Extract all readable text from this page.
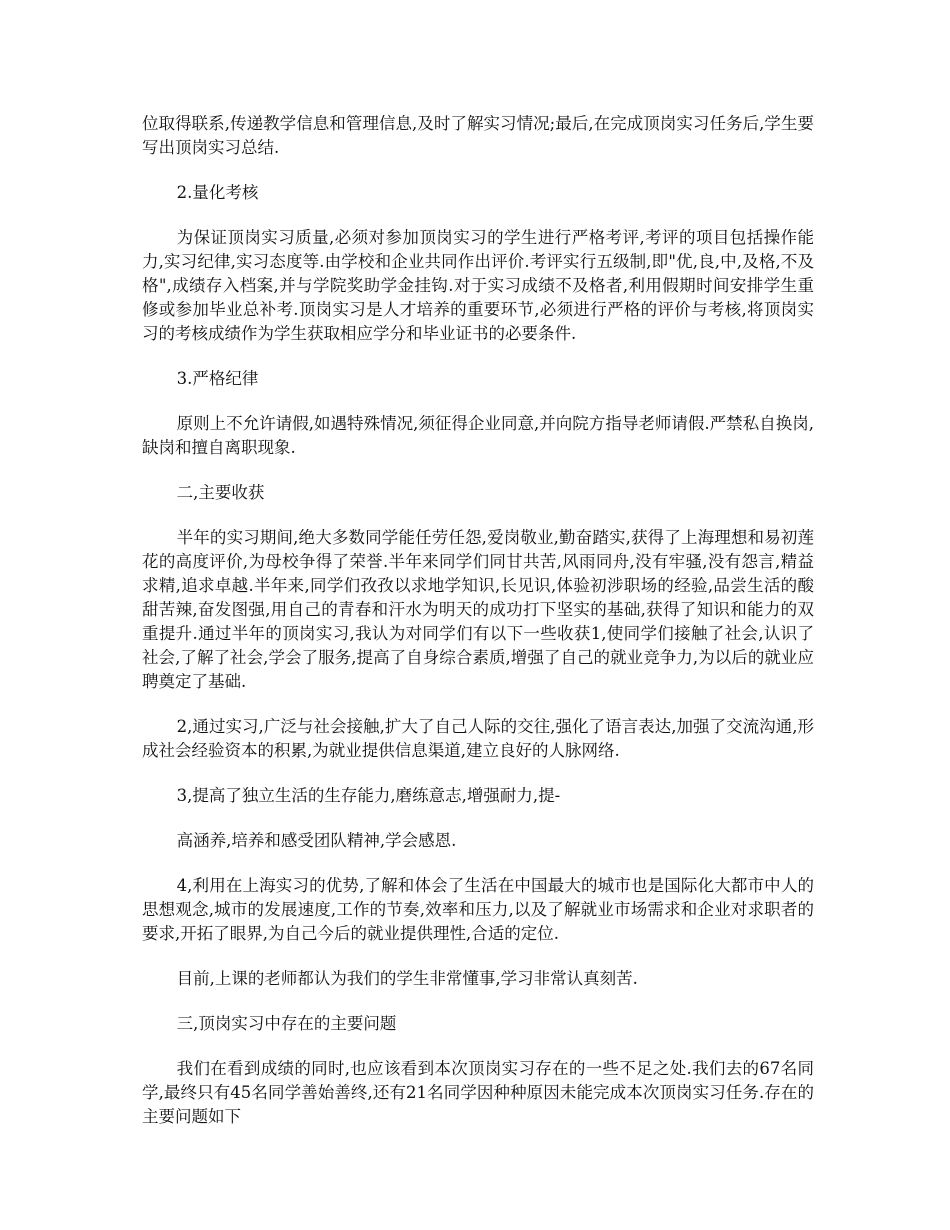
位取得联系,传递教学信息和管理信息,及时了解实习情况;最后,在完成顶岗实习任务后,学生要写出顶岗实习总结.

2.量化考核

为保证顶岗实习质量,必须对参加顶岗实习的学生进行严格考评,考评的项目包括操作能力,实习纪律,实习态度等.由学校和企业共同作出评价.考评实行五级制,即"优,良,中,及格,不及格",成绩存入档案,并与学院奖助学金挂钩.对于实习成绩不及格者,利用假期时间安排学生重修或参加毕业总补考.顶岗实习是人才培养的重要环节,必须进行严格的评价与考核,将顶岗实习的考核成绩作为学生获取相应学分和毕业证书的必要条件.

3.严格纪律

原则上不允许请假,如遇特殊情况,须征得企业同意,并向院方指导老师请假.严禁私自换岗,缺岗和擅自离职现象.

二,主要收获

半年的实习期间,绝大多数同学能任劳任怨,爱岗敬业,勤奋踏实,获得了上海理想和易初莲花的高度评价,为母校争得了荣誉.半年来同学们同甘共苦,风雨同舟,没有牢骚,没有怨言,精益求精,追求卓越.半年来,同学们孜孜以求地学知识,长见识,体验初涉职场的经验,品尝生活的酸甜苦辣,奋发图强,用自己的青春和汗水为明天的成功打下坚实的基础,获得了知识和能力的双重提升.通过半年的顶岗实习,我认为对同学们有以下一些收获1,使同学们接触了社会,认识了社会,了解了社会,学会了服务,提高了自身综合素质,增强了自己的就业竞争力,为以后的就业应聘奠定了基础.

2,通过实习,广泛与社会接触,扩大了自己人际的交往,强化了语言表达,加强了交流沟通,形成社会经验资本的积累,为就业提供信息渠道,建立良好的人脉网络.

3,提高了独立生活的生存能力,磨练意志,增强耐力,提-

高涵养,培养和感受团队精神,学会感恩.

4,利用在上海实习的优势,了解和体会了生活在中国最大的城市也是国际化大都市中人的思想观念,城市的发展速度,工作的节奏,效率和压力,以及了解就业市场需求和企业对求职者的要求,开拓了眼界,为自己今后的就业提供理性,合适的定位.

目前,上课的老师都认为我们的学生非常懂事,学习非常认真刻苦.

三,顶岗实习中存在的主要问题

我们在看到成绩的同时,也应该看到本次顶岗实习存在的一些不足之处.我们去的67名同学,最终只有45名同学善始善终,还有21名同学因种种原因未能完成本次顶岗实习任务.存在的主要问题如下
